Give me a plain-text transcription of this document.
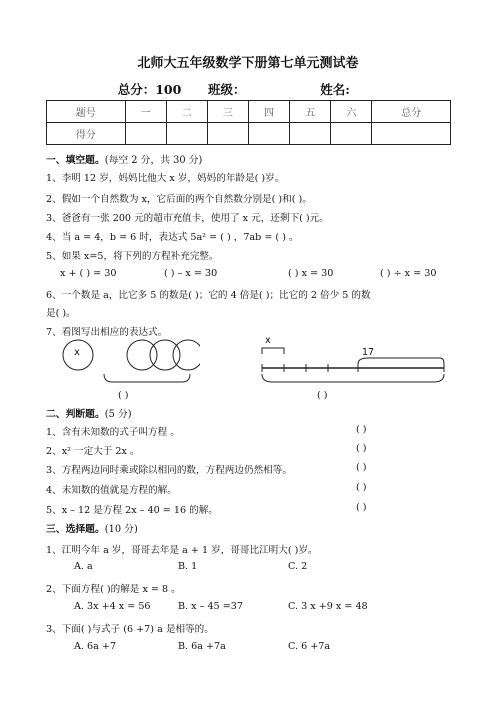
北师大五年级数学下册第七单元测试卷
总分：100 班级：	姓名:
题号	一	二	三	四	五	六	总分
得分							
一、填空题。(每空 2 分，共 30 分)
1、李明 12 岁，妈妈比他大 x 岁，妈妈的年龄是( )岁。
2、假如一个自然数为 x，它后面的两个自然数分别是( )和( )。
3、爸爸有一张 200 元的超市充值卡，使用了 x 元，还剩下( )元。
4、当 a = 4，b = 6 时，表达式 5a² = ( ) ，7ab = ( ) 。
5、如果 x=5，将下列的方程补充完整。
x + ( ) = 30	( ) – x = 30	( ) x = 30	( ) ÷ x = 30
6、一个数是 a，比它多 5 的数是( )；它的 4 倍是( )；比它的 2 倍少 5 的数
是( )。
7、看图写出相应的表达式。
x
( )
x
17
( )
二、判断题。(5 分)
1、含有未知数的式子叫方程 。	( )
2、x² 一定大于 2x 。	( )
3、方程两边同时乘或除以相同的数，方程两边仍然相等。	( )
4、未知数的值就是方程的解。	( )
5、x – 12 是方程 2x – 40 = 16 的解。	( )
三、选择题。(10 分)
1、江明今年 a 岁，哥哥去年是 a + 1 岁，哥哥比江明大( )岁。
A. a	B. 1	C. 2
2、下面方程( )的解是 x = 8 。
A. 3x +4 x = 56	B. x – 45 =37	C. 3 x +9 x = 48
3、下面( )与式子 (6 +7) a 是相等的。
A. 6a +7	B. 6a +7a	C. 6 +7a
